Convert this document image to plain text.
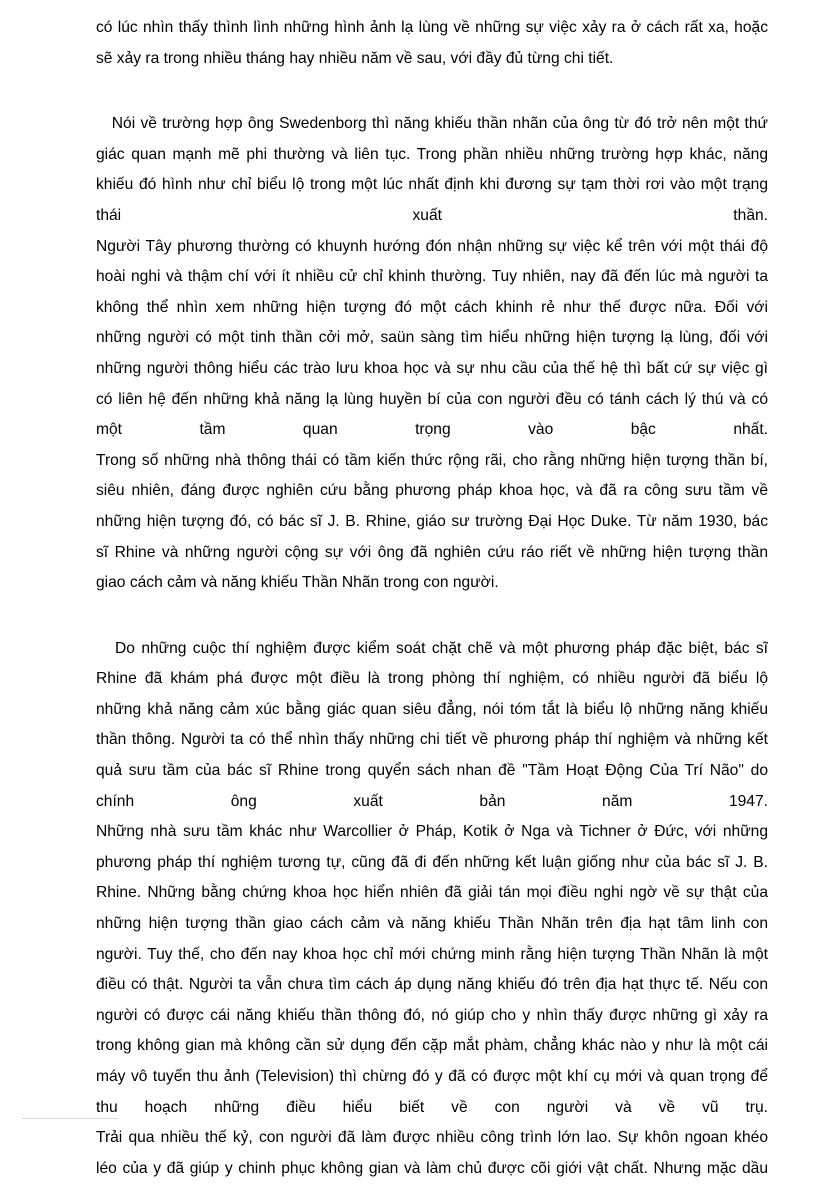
có lúc nhìn thấy thình lình những hình ảnh lạ lùng về những sự việc xảy ra ở cách rất xa, hoặc
sẽ xảy ra trong nhiều tháng hay nhiều năm về sau, với đầy đủ từng chi tiết.
Nói về trường hợp ông Swedenborg thì năng khiếu thần nhãn của ông từ đó trở nên một thứ
giác quan mạnh mẽ phi thường và liên tục. Trong phần nhiều những trường hợp khác, năng
khiếu đó hình như chỉ biểu lộ trong một lúc nhất định khi đương sự tạm thời rơi vào một trạng
thái xuất thần.
Người Tây phương thường có khuynh hướng đón nhận những sự việc kể trên với một thái độ
hoài nghi và thậm chí với ít nhiều cử chỉ khinh thường. Tuy nhiên, nay đã đến lúc mà người ta
không thể nhìn xem những hiện tượng đó một cách khinh rẻ như thế được nữa. Đối với
những người có một tinh thần cởi mở, saün sàng tìm hiểu những hiện tượng lạ lùng, đối với
những người thông hiểu các trào lưu khoa học và sự nhu cầu của thế hệ thì bất cứ sự việc gì
có liên hệ đến những khả năng lạ lùng huyền bí của con người đều có tánh cách lý thú và có
một tầm quan trọng vào bậc nhất.
Trong số những nhà thông thái có tầm kiến thức rộng rãi, cho rằng những hiện tượng thần bí,
siêu nhiên, đáng được nghiên cứu bằng phương pháp khoa học, và đã ra công sưu tầm về
những hiện tượng đó, có bác sĩ J. B. Rhine, giáo sư trường Đại Học Duke. Từ năm 1930, bác
sĩ Rhine và những người cộng sự với ông đã nghiên cứu ráo riết về những hiện tượng thần
giao cách cảm và năng khiếu Thần Nhãn trong con người.
Do những cuộc thí nghiệm được kiểm soát chặt chẽ và một phương pháp đặc biệt, bác sĩ
Rhine đã khám phá được một điều là trong phòng thí nghiệm, có nhiều người đã biểu lộ
những khả năng cảm xúc bằng giác quan siêu đẳng, nói tóm tắt là biểu lộ những năng khiếu
thần thông. Người ta có thể nhìn thấy những chi tiết về phương pháp thí nghiệm và những kết
quả sưu tầm của bác sĩ Rhine trong quyển sách nhan đề "Tầm Hoạt Động Của Trí Não" do
chính ông xuất bản năm 1947.
Những nhà sưu tầm khác như Warcollier ở Pháp, Kotik ở Nga và Tichner ở Đức, với những
phương pháp thí nghiệm tương tự, cũng đã đi đến những kết luận giống như của bác sĩ J. B.
Rhine. Những bằng chứng khoa học hiển nhiên đã giải tán mọi điều nghi ngờ về sự thật của
những hiện tượng thần giao cách cảm và năng khiếu Thần Nhãn trên địa hạt tâm linh con
người. Tuy thế, cho đến nay khoa học chỉ mới chứng minh rằng hiện tượng Thần Nhãn là một
điều có thật. Người ta vẫn chưa tìm cách áp dụng năng khiếu đó trên địa hạt thực tế. Nếu con
người có được cái năng khiếu thần thông đó, nó giúp cho y nhìn thấy được những gì xảy ra
trong không gian mà không cần sử dụng đến cặp mắt phàm, chẳng khác nào y như là một cái
máy vô tuyến thu ảnh (Television) thì chừng đó y đã có được một khí cụ mới và quan trọng để
thu hoạch những điều hiểu biết về con người và về vũ trụ.
Trải qua nhiều thế kỷ, con người đã làm được nhiều công trình lớn lao. Sự khôn ngoan khéo
léo của y đã giúp y chinh phục không gian và làm chủ được cõi giới vật chất. Nhưng mặc dầu
